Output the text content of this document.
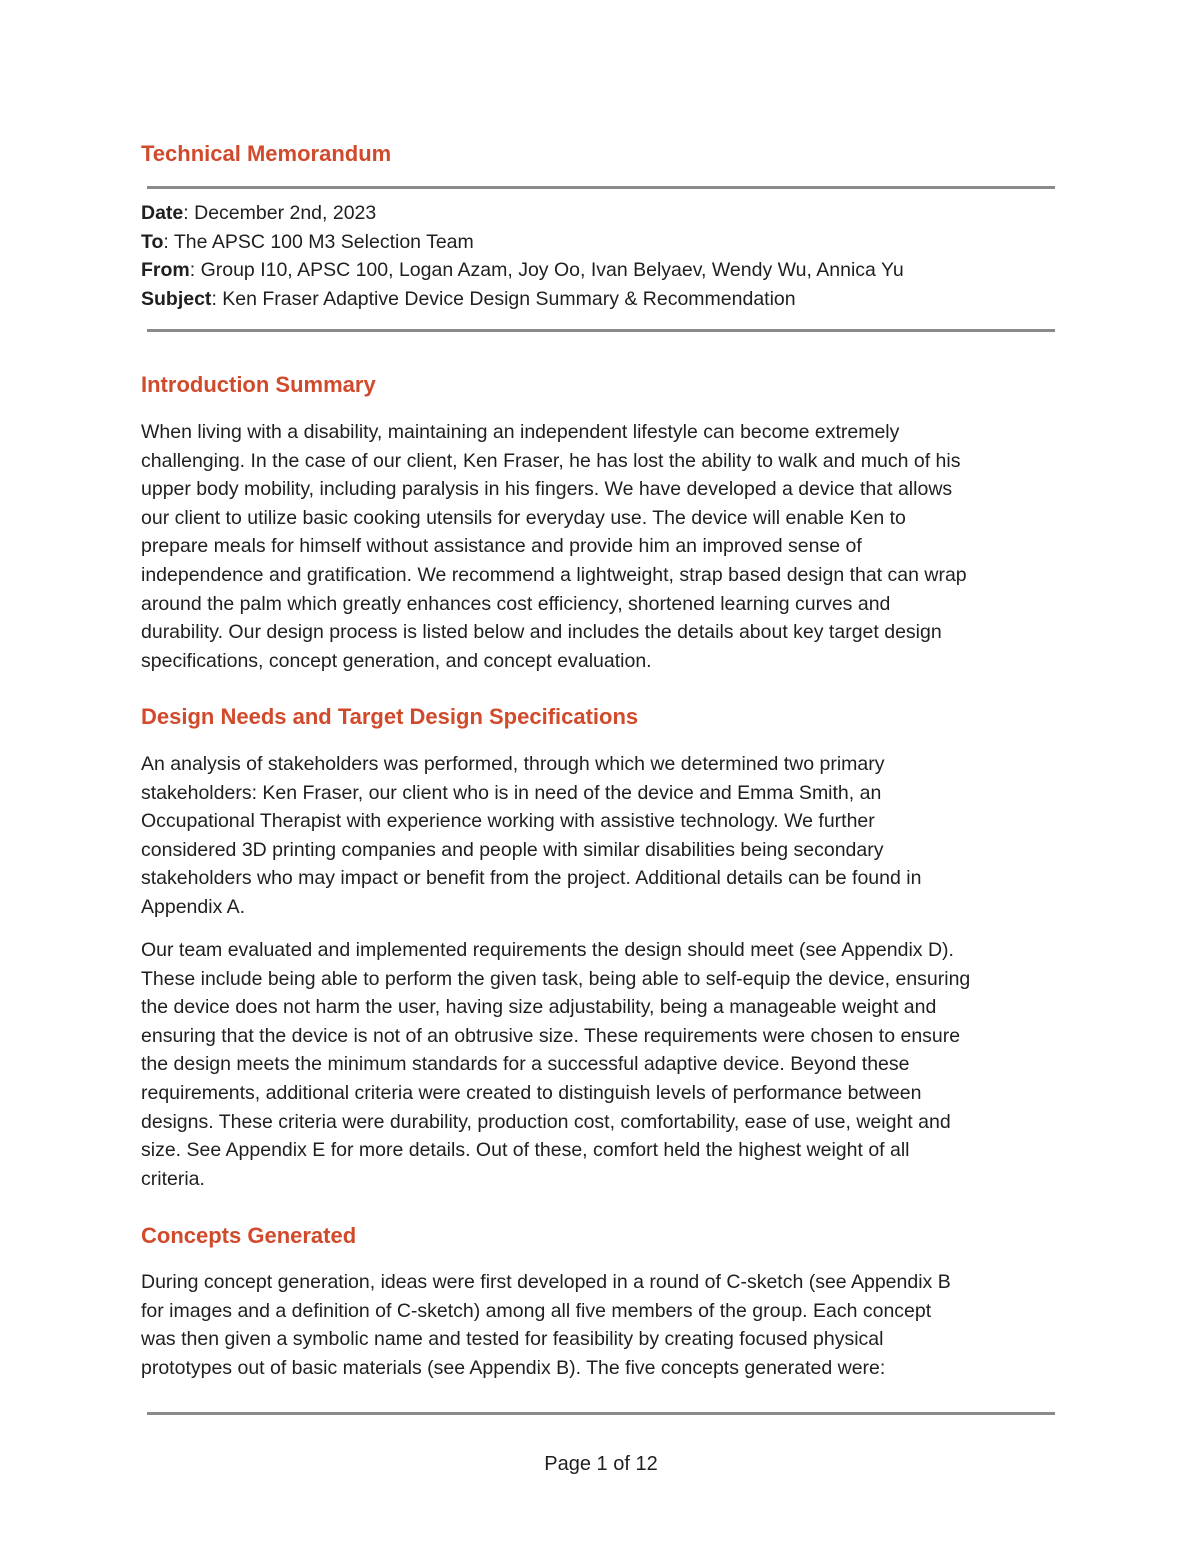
Technical Memorandum
Date: December 2nd, 2023
To: The APSC 100 M3 Selection Team
From: Group I10, APSC 100, Logan Azam, Joy Oo, Ivan Belyaev, Wendy Wu, Annica Yu
Subject: Ken Fraser Adaptive Device Design Summary & Recommendation
Introduction Summary
When living with a disability, maintaining an independent lifestyle can become extremely
challenging. In the case of our client, Ken Fraser, he has lost the ability to walk and much of his
upper body mobility, including paralysis in his fingers. We have developed a device that allows
our client to utilize basic cooking utensils for everyday use. The device will enable Ken to
prepare meals for himself without assistance and provide him an improved sense of
independence and gratification. We recommend a lightweight, strap based design that can wrap
around the palm which greatly enhances cost efficiency, shortened learning curves and
durability. Our design process is listed below and includes the details about key target design
specifications, concept generation, and concept evaluation.
Design Needs and Target Design Specifications
An analysis of stakeholders was performed, through which we determined two primary
stakeholders: Ken Fraser, our client who is in need of the device and Emma Smith, an
Occupational Therapist with experience working with assistive technology. We further
considered 3D printing companies and people with similar disabilities being secondary
stakeholders who may impact or benefit from the project. Additional details can be found in
Appendix A.
Our team evaluated and implemented requirements the design should meet (see Appendix D).
These include being able to perform the given task, being able to self-equip the device, ensuring
the device does not harm the user, having size adjustability, being a manageable weight and
ensuring that the device is not of an obtrusive size. These requirements were chosen to ensure
the design meets the minimum standards for a successful adaptive device. Beyond these
requirements, additional criteria were created to distinguish levels of performance between
designs. These criteria were durability, production cost, comfortability, ease of use, weight and
size. See Appendix E for more details. Out of these, comfort held the highest weight of all
criteria.
Concepts Generated
During concept generation, ideas were first developed in a round of C-sketch (see Appendix B
for images and a definition of C-sketch) among all five members of the group. Each concept
was then given a symbolic name and tested for feasibility by creating focused physical
prototypes out of basic materials (see Appendix B). The five concepts generated were:
Page 1 of 12
